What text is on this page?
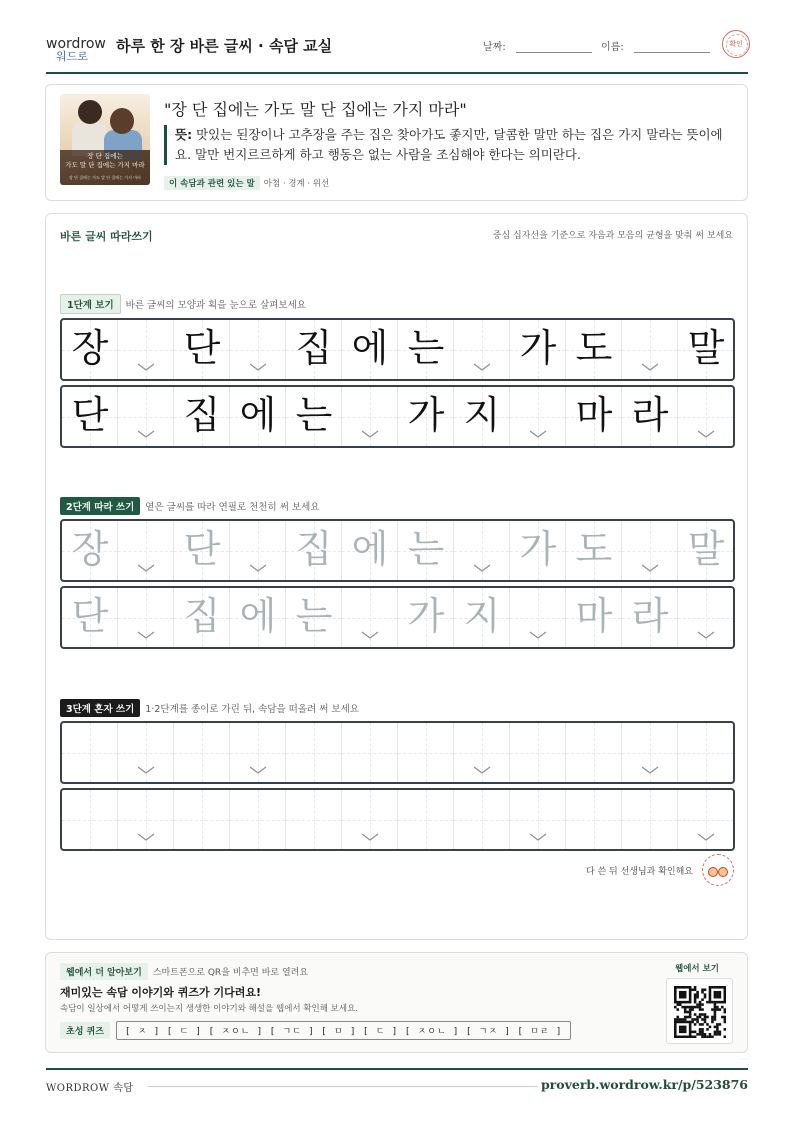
wordrow
워드로
하루 한 장 바른 글씨 · 속담 교실	날짜:	이름:	확인
장 단 집에는
가도 말 단 집에는 가지 마라
장 단 집에는 가도 말 단 집에는 가지 마라
"장 단 집에는 가도 말 단 집에는 가지 마라"
뜻: 맛있는 된장이나 고추장을 주는 집은 찾아가도 좋지만, 달콤한 말만 하는 집은 가지 말라는 뜻이에요. 말만 번지르르하게 하고 행동은 없는 사람을 조심해야 한다는 의미란다.
이 속담과 관련 있는 말 아첨 · 경계 · 위선
바른 글씨 따라쓰기	중심 십자선을 기준으로 자음과 모음의 균형을 맞춰 써 보세요
1단계 보기 바른 글씨의 모양과 획을 눈으로 살펴보세요
장 단 집 에 는 가 도 말
단 집 에 는 가 지 마 라
2단계 따라 쓰기 옅은 글씨를 따라 연필로 천천히 써 보세요
장 단 집 에 는 가 도 말
단 집 에 는 가 지 마 라
3단계 혼자 쓰기 1·2단계를 종이로 가린 뒤, 속담을 떠올려 써 보세요
다 쓴 뒤 선생님과 확인해요
웹에서 더 알아보기 스마트폰으로 QR을 비추면 바로 열려요
재미있는 속담 이야기와 퀴즈가 기다려요!
속담이 일상에서 어떻게 쓰이는지 생생한 이야기와 해설을 웹에서 확인해 보세요.
초성 퀴즈 [ ㅈ ] [ ㄷ ] [ ㅈㅇㄴ ] [ ㄱㄷ ] [ ㅁ ] [ ㄷ ] [ ㅈㅇㄴ ] [ ㄱㅈ ] [ ㅁㄹ ]
웹에서 보기
WORDROW 속담	proverb.wordrow.kr/p/523876
